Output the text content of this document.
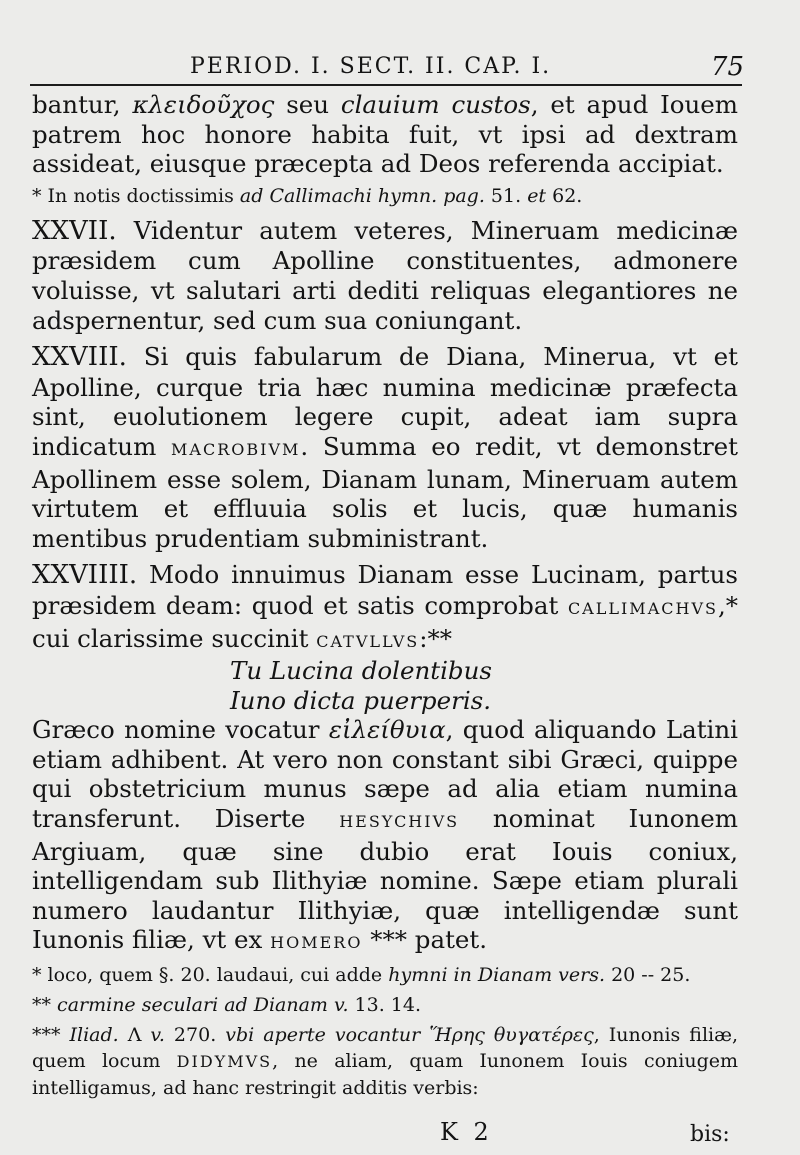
PERIOD. I. SECT. II. CAP. I.	75

bantur, κλειδοῦχος seu clauium custos, et apud Iouem patrem hoc honore habita fuit, vt ipsi ad dextram assideat, eiusque præcepta ad Deos referenda accipiat.

* In notis doctissimis ad Callimachi hymn. pag. 51. et 62.

XXVII. Videntur autem veteres, Mineruam medicinæ præsidem cum Apolline constituentes, admonere voluisse, vt salutari arti dediti reliquas elegantiores ne adspernentur, sed cum sua coniungant.

XXVIII. Si quis fabularum de Diana, Minerua, vt et Apolline, curque tria hæc numina medicinæ præfecta sint, euolutionem legere cupit, adeat iam supra indicatum MACROBIVM. Summa eo redit, vt demonstret Apollinem esse solem, Dianam lunam, Mineruam autem virtutem et effluuia solis et lucis, quæ humanis mentibus prudentiam subministrant.

XXVIIII. Modo innuimus Dianam esse Lucinam, partus præsidem deam: quod et satis comprobat CALLIMACHVS,* cui clarissime succinit CATVLLVS:**

Tu Lucina dolentibus

Iuno dicta puerperis.

Græco nomine vocatur εἰλείθυια, quod aliquando Latini etiam adhibent. At vero non constant sibi Græci, quippe qui obstetricium munus sæpe ad alia etiam numina transferunt. Diserte HESYCHIVS nominat Iunonem Argiuam, quæ sine dubio erat Iouis coniux, intelligendam sub Ilithyiæ nomine. Sæpe etiam plurali numero laudantur Ilithyiæ, quæ intelligendæ sunt Iunonis filiæ, vt ex HOMERO *** patet.

* loco, quem §. 20. laudaui, cui adde hymni in Dianam vers. 20 -- 25.

** carmine seculari ad Dianam v. 13. 14.

*** Iliad. Λ v. 270. vbi aperte vocantur Ἥρης θυγατέρες, Iunonis filiæ, quem locum DIDYMVS, ne aliam, quam Iunonem Iouis coniugem intelligamus, ad hanc restringit additis verbis:

K 2	bis:
